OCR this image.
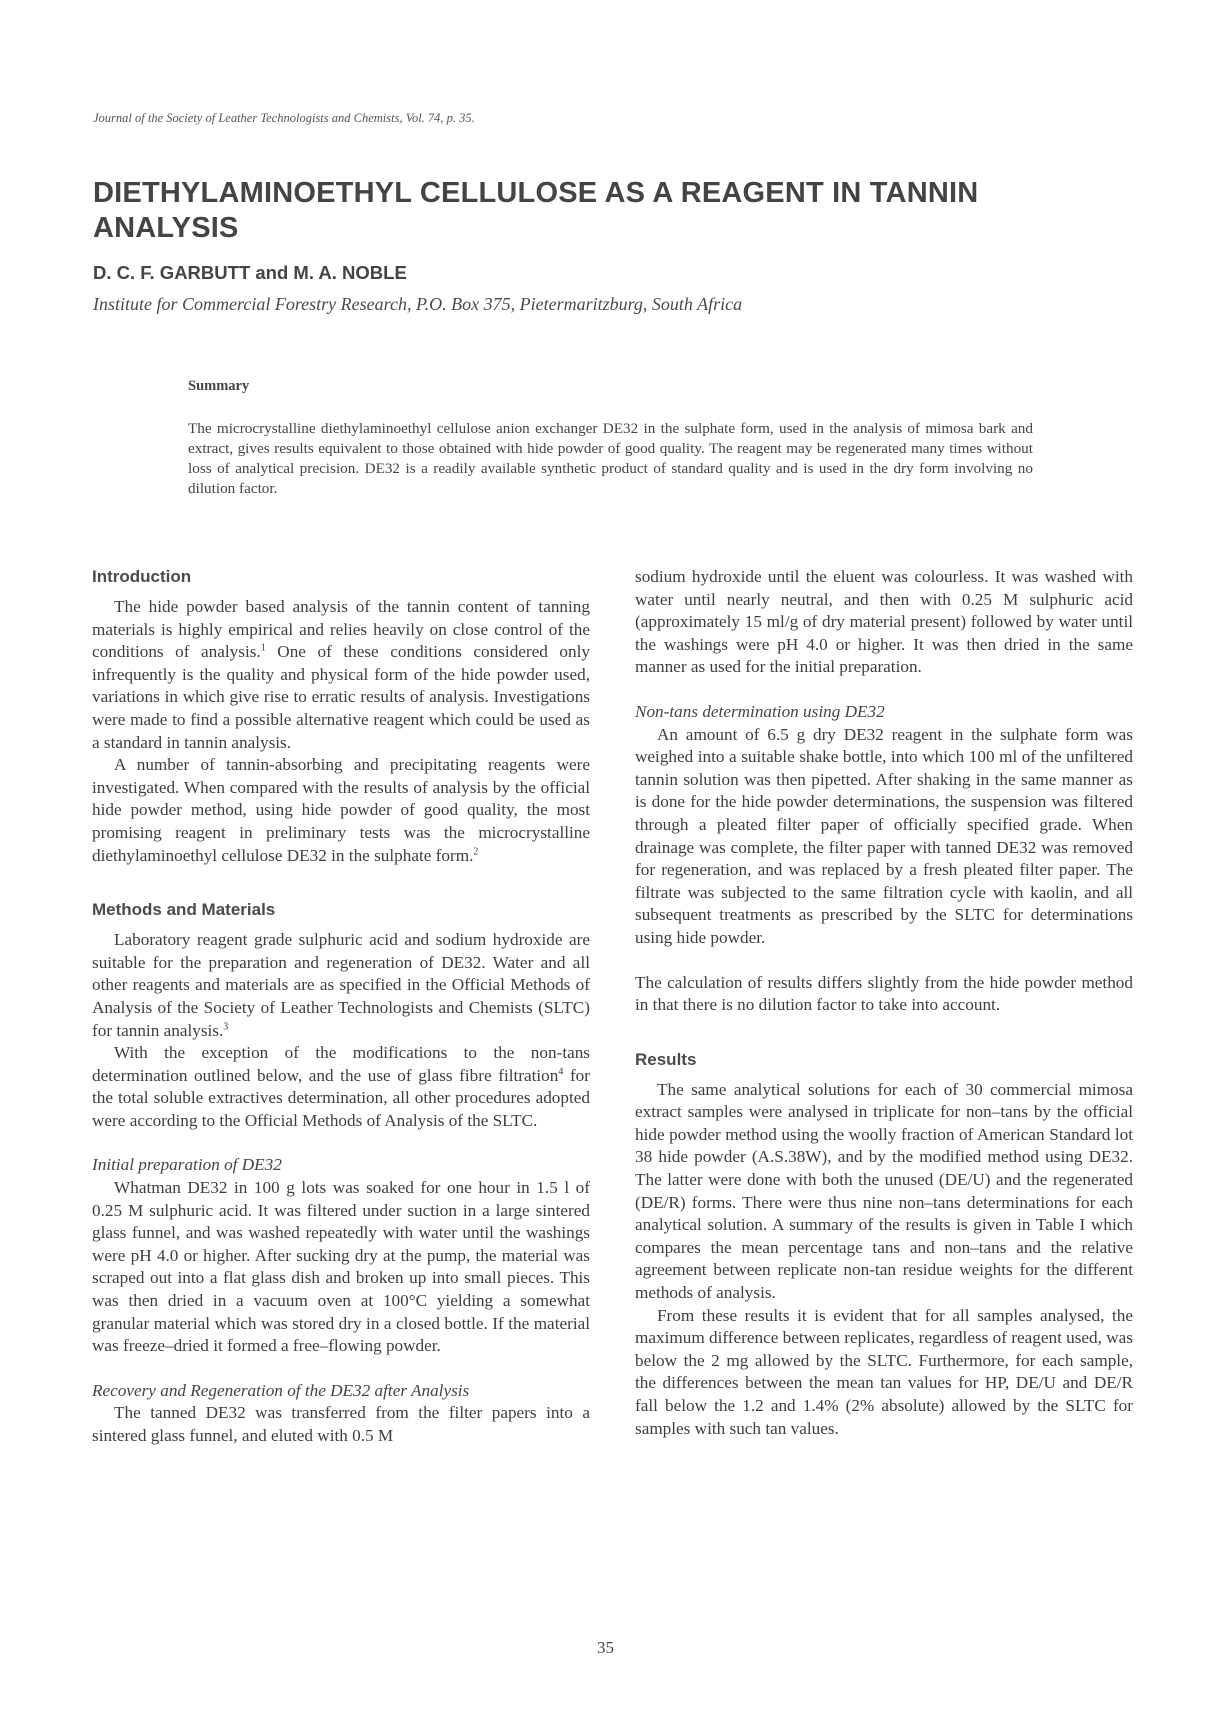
Journal of the Society of Leather Technologists and Chemists, Vol. 74, p. 35.
DIETHYLAMINOETHYL CELLULOSE AS A REAGENT IN TANNIN ANALYSIS
D. C. F. GARBUTT and M. A. NOBLE
Institute for Commercial Forestry Research, P.O. Box 375, Pietermaritzburg, South Africa
Summary
The microcrystalline diethylaminoethyl cellulose anion exchanger DE32 in the sulphate form, used in the analysis of mimosa bark and extract, gives results equivalent to those obtained with hide powder of good quality. The reagent may be regenerated many times without loss of analytical precision. DE32 is a readily available synthetic product of standard quality and is used in the dry form involving no dilution factor.
Introduction

The hide powder based analysis of the tannin content of tanning materials is highly empirical and relies heavily on close control of the conditions of analysis.$^1$ One of these conditions considered only infrequently is the quality and physical form of the hide powder used, variations in which give rise to erratic results of analysis. Investigations were made to find a possible alternative reagent which could be used as a standard in tannin analysis.

A number of tannin-absorbing and precipitating reagents were investigated. When compared with the results of analysis by the official hide powder method, using hide powder of good quality, the most promising reagent in preliminary tests was the microcrystalline diethylaminoethyl cellulose DE32 in the sulphate form.$^2$

Methods and Materials

Laboratory reagent grade sulphuric acid and sodium hydroxide are suitable for the preparation and regeneration of DE32. Water and all other reagents and materials are as specified in the Official Methods of Analysis of the Society of Leather Technologists and Chemists (SLTC) for tannin analysis.$^3$

With the exception of the modifications to the non-tans determination outlined below, and the use of glass fibre filtration$^4$ for the total soluble extractives determination, all other procedures adopted were according to the Official Methods of Analysis of the SLTC.

Initial preparation of DE32

Whatman DE32 in 100 g lots was soaked for one hour in 1.5 l of 0.25 M sulphuric acid. It was filtered under suction in a large sintered glass funnel, and was washed repeatedly with water until the washings were pH 4.0 or higher. After sucking dry at the pump, the material was scraped out into a flat glass dish and broken up into small pieces. This was then dried in a vacuum oven at 100°C yielding a somewhat granular material which was stored dry in a closed bottle. If the material was freeze–dried it formed a free–flowing powder.

Recovery and Regeneration of the DE32 after Analysis

The tanned DE32 was transferred from the filter papers into a sintered glass funnel, and eluted with 0.5 M

sodium hydroxide until the eluent was colourless. It was washed with water until nearly neutral, and then with 0.25 M sulphuric acid (approximately 15 ml/g of dry material present) followed by water until the washings were pH 4.0 or higher. It was then dried in the same manner as used for the initial preparation.

Non-tans determination using DE32

An amount of 6.5 g dry DE32 reagent in the sulphate form was weighed into a suitable shake bottle, into which 100 ml of the unfiltered tannin solution was then pipetted. After shaking in the same manner as is done for the hide powder determinations, the suspension was filtered through a pleated filter paper of officially specified grade. When drainage was complete, the filter paper with tanned DE32 was removed for regeneration, and was replaced by a fresh pleated filter paper. The filtrate was subjected to the same filtration cycle with kaolin, and all subsequent treatments as prescribed by the SLTC for determinations using hide powder.

The calculation of results differs slightly from the hide powder method in that there is no dilution factor to take into account.

Results

The same analytical solutions for each of 30 commercial mimosa extract samples were analysed in triplicate for non–tans by the official hide powder method using the woolly fraction of American Standard lot 38 hide powder (A.S.38W), and by the modified method using DE32. The latter were done with both the unused (DE/U) and the regenerated (DE/R) forms. There were thus nine non–tans determinations for each analytical solution. A summary of the results is given in Table I which compares the mean percentage tans and non–tans and the relative agreement between replicate non-tan residue weights for the different methods of analysis.

From these results it is evident that for all samples analysed, the maximum difference between replicates, regardless of reagent used, was below the 2 mg allowed by the SLTC. Furthermore, for each sample, the differences between the mean tan values for HP, DE/U and DE/R fall below the 1.2 and 1.4% (2% absolute) allowed by the SLTC for samples with such tan values.

35
